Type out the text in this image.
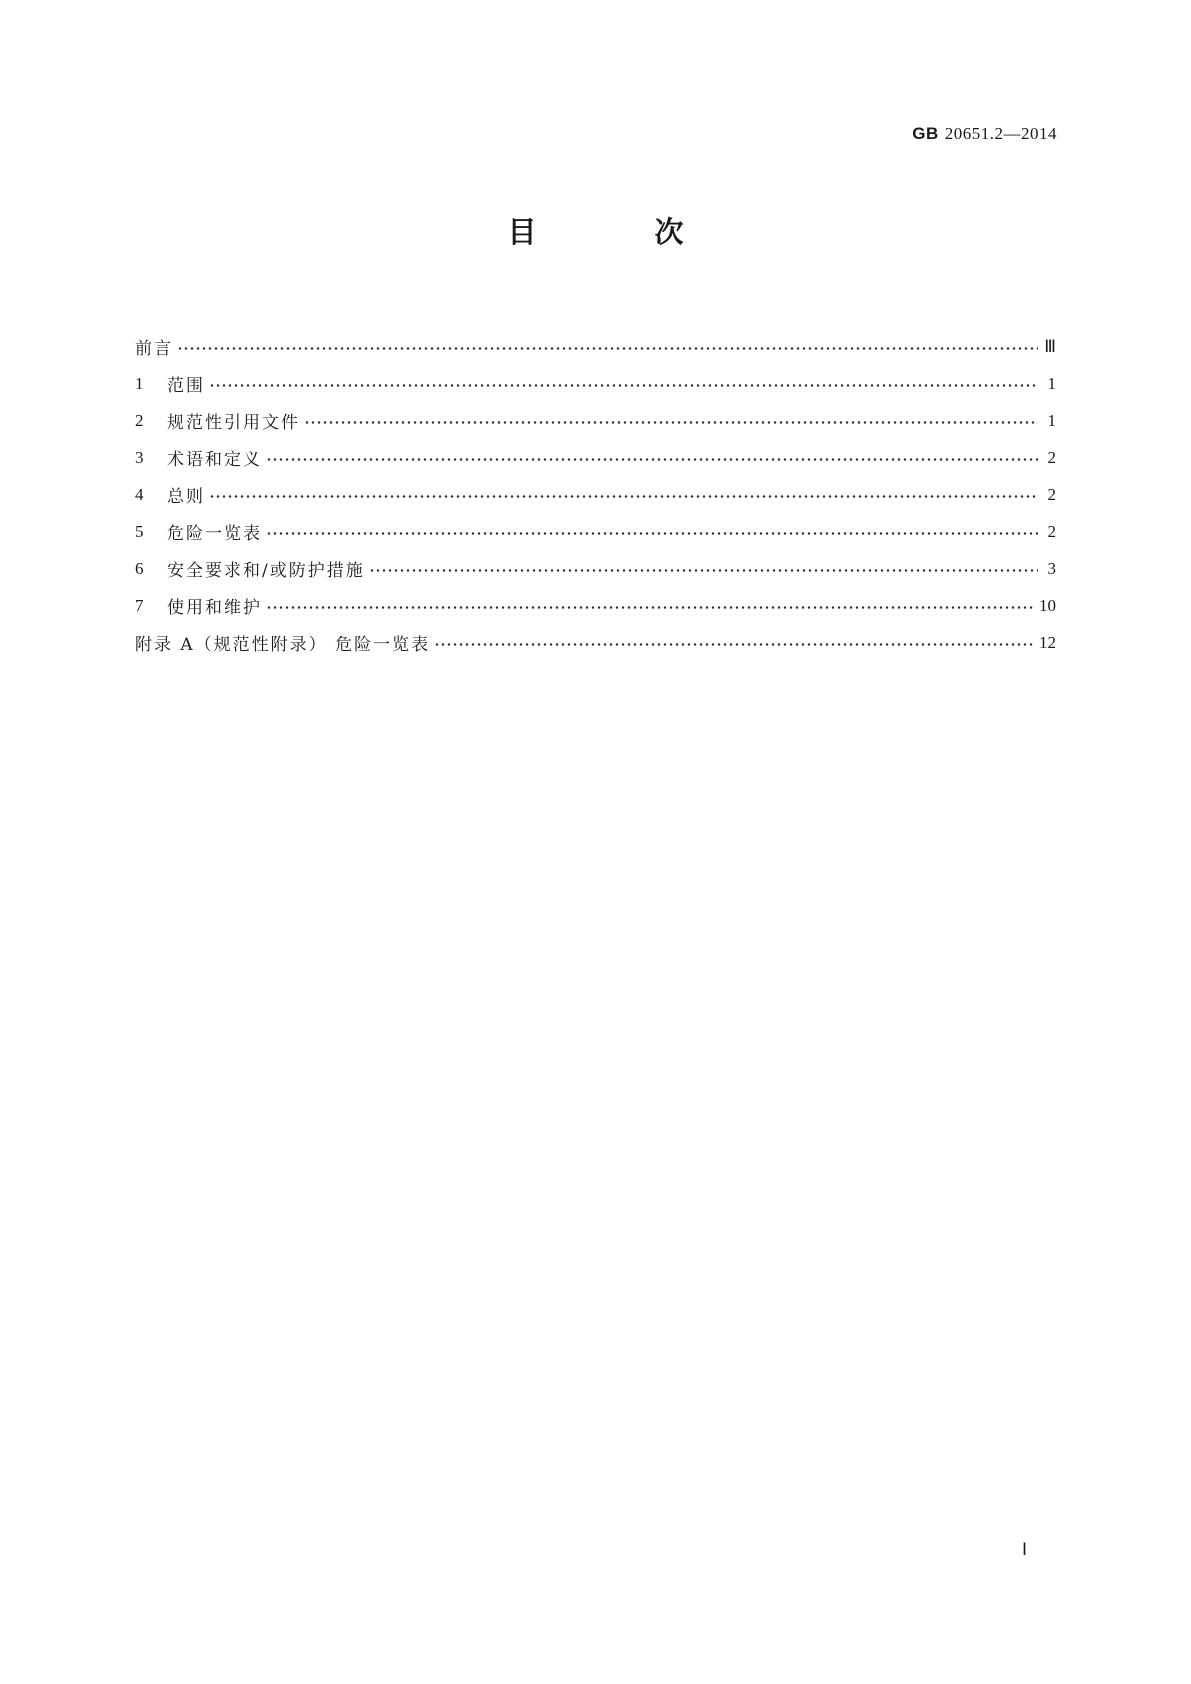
GB 20651.2—2014
目 次
前言	Ⅲ
1	范围	1
2	规范性引用文件	1
3	术语和定义	2
4	总则	2
5	危险一览表	2
6	安全要求和/或防护措施	3
7	使用和维护	10
附录 A（规范性附录） 危险一览表	12
Ⅰ
